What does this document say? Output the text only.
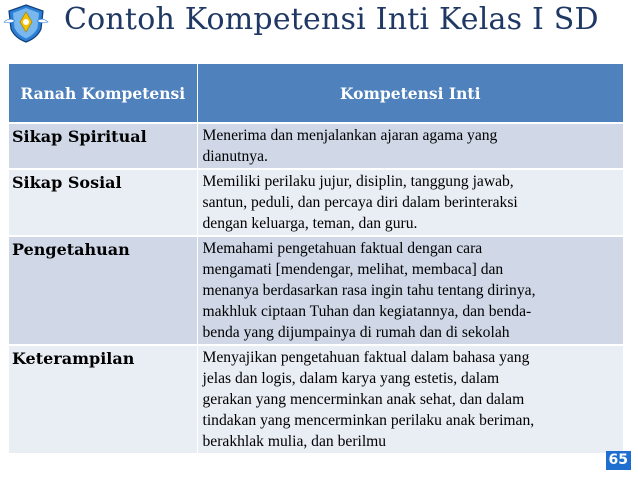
Contoh Kompetensi Inti Kelas I SD
Ranah Kompetensi	Kompetensi Inti
Sikap Spiritual	Menerima dan menjalankan ajaran agama yang
dianutnya.

Sikap Sosial	Memiliki perilaku jujur, disiplin, tanggung jawab,
santun, peduli, dan percaya diri dalam berinteraksi
dengan keluarga, teman, dan guru.

Pengetahuan	Memahami pengetahuan faktual dengan cara
mengamati [mendengar, melihat, membaca] dan
menanya berdasarkan rasa ingin tahu tentang dirinya,
makhluk ciptaan Tuhan dan kegiatannya, dan benda-
benda yang dijumpainya di rumah dan di sekolah

Keterampilan	Menyajikan pengetahuan faktual dalam bahasa yang
jelas dan logis, dalam karya yang estetis, dalam
gerakan yang mencerminkan anak sehat, dan dalam
tindakan yang mencerminkan perilaku anak beriman,
berakhlak mulia, dan berilmu
65
